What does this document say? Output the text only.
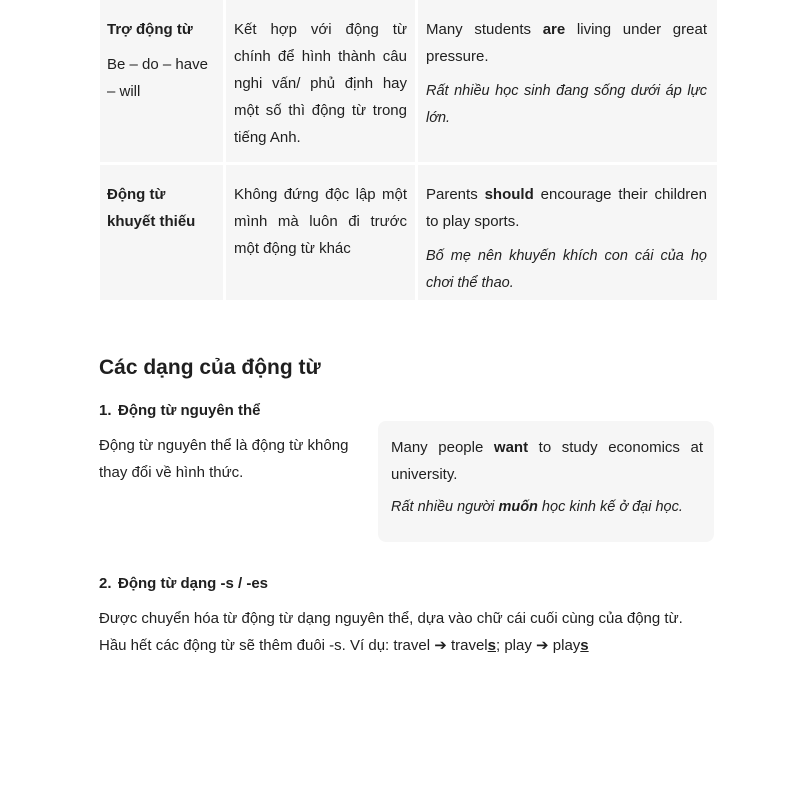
Trợ động từ
Be – do – have – will
Kết hợp với động từ chính để hình thành câu nghi vấn/ phủ định hay một số thì động từ trong tiếng Anh.
Many students are living under great pressure.
Rất nhiều học sinh đang sống dưới áp lực lớn.
Động từ khuyết thiếu
Không đứng độc lập một mình mà luôn đi trước một động từ khác
Parents should encourage their children to play sports.
Bố mẹ nên khuyến khích con cái của họ chơi thể thao.
Các dạng của động từ
1. Động từ nguyên thể

Động từ nguyên thể là động từ không thay đổi về hình thức.

Many people want to study economics at university.
Rất nhiều người muốn học kinh kế ở đại học.
2. Động từ dạng -s / -es

Được chuyển hóa từ động từ dạng nguyên thể, dựa vào chữ cái cuối cùng của động từ. Hầu hết các động từ sẽ thêm đuôi -s. Ví dụ: travel ➔ travels; play ➔ plays
